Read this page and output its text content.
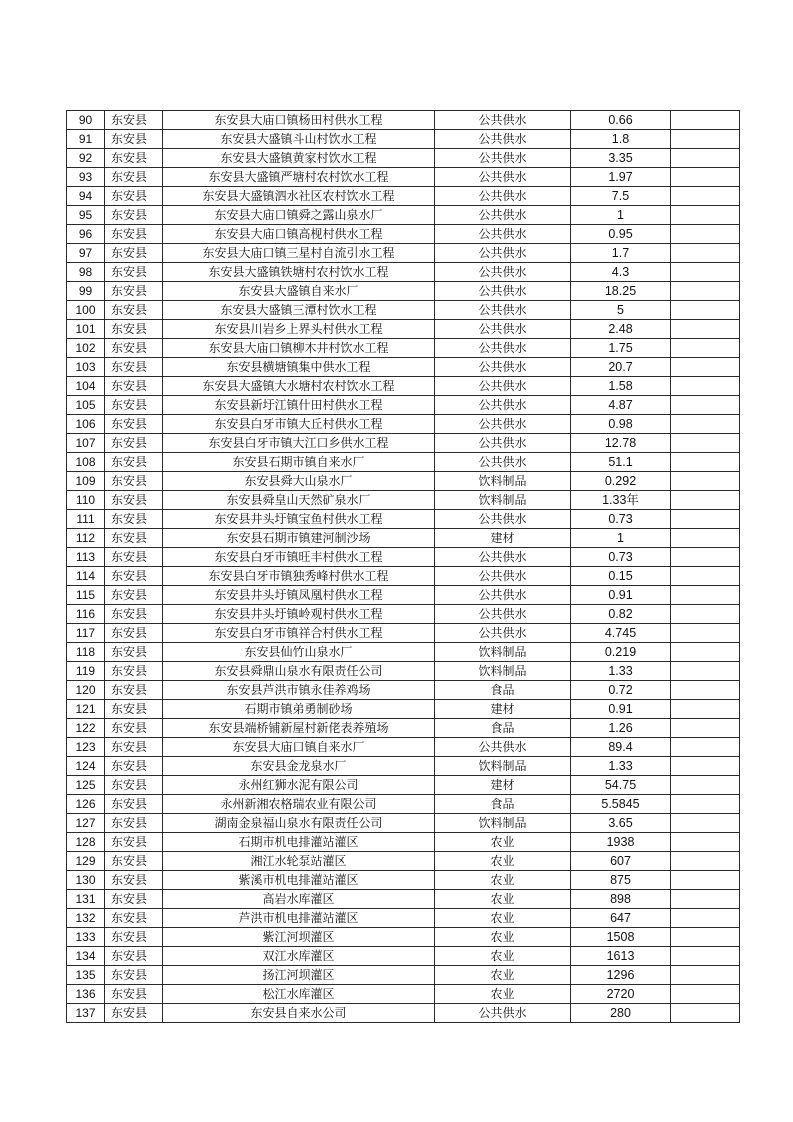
90	东安县	东安县大庙口镇杨田村供水工程	公共供水	0.66	
91	东安县	东安县大盛镇斗山村饮水工程	公共供水	1.8	
92	东安县	东安县大盛镇黄家村饮水工程	公共供水	3.35	
93	东安县	东安县大盛镇严塘村农村饮水工程	公共供水	1.97	
94	东安县	东安县大盛镇泗水社区农村饮水工程	公共供水	7.5	
95	东安县	东安县大庙口镇舜之露山泉水厂	公共供水	1	
96	东安县	东安县大庙口镇高枧村供水工程	公共供水	0.95	
97	东安县	东安县大庙口镇三星村自流引水工程	公共供水	1.7	
98	东安县	东安县大盛镇铁塘村农村饮水工程	公共供水	4.3	
99	东安县	东安县大盛镇自来水厂	公共供水	18.25	
100	东安县	东安县大盛镇三潭村饮水工程	公共供水	5	
101	东安县	东安县川岩乡上界头村供水工程	公共供水	2.48	
102	东安县	东安县大庙口镇柳木井村饮水工程	公共供水	1.75	
103	东安县	东安县横塘镇集中供水工程	公共供水	20.7	
104	东安县	东安县大盛镇大水塘村农村饮水工程	公共供水	1.58	
105	东安县	东安县新圩江镇什田村供水工程	公共供水	4.87	
106	东安县	东安县白牙市镇大丘村供水工程	公共供水	0.98	
107	东安县	东安县白牙市镇大江口乡供水工程	公共供水	12.78	
108	东安县	东安县石期市镇自来水厂	公共供水	51.1	
109	东安县	东安县舜大山泉水厂	饮料制品	0.292	
110	东安县	东安县舜皇山天然矿泉水厂	饮料制品	1.33年	
111	东安县	东安县井头圩镇宝鱼村供水工程	公共供水	0.73	
112	东安县	东安县石期市镇建河制沙场	建材	1	
113	东安县	东安县白牙市镇旺丰村供水工程	公共供水	0.73	
114	东安县	东安县白牙市镇独秀峰村供水工程	公共供水	0.15	
115	东安县	东安县井头圩镇凤凰村供水工程	公共供水	0.91	
116	东安县	东安县井头圩镇岭观村供水工程	公共供水	0.82	
117	东安县	东安县白牙市镇祥合村供水工程	公共供水	4.745	
118	东安县	东安县仙竹山泉水厂	饮料制品	0.219	
119	东安县	东安县舜鼎山泉水有限责任公司	饮料制品	1.33	
120	东安县	东安县芦洪市镇永佳养鸡场	食品	0.72	
121	东安县	石期市镇弟勇制砂场	建材	0.91	
122	东安县	东安县端桥铺新屋村新佬表养殖场	食品	1.26	
123	东安县	东安县大庙口镇自来水厂	公共供水	89.4	
124	东安县	东安县金龙泉水厂	饮料制品	1.33	
125	东安县	永州红狮水泥有限公司	建材	54.75	
126	东安县	永州新湘农格瑞农业有限公司	食品	5.5845	
127	东安县	湖南金泉福山泉水有限责任公司	饮料制品	3.65	
128	东安县	石期市机电排灌站灌区	农业	1938	
129	东安县	湘江水轮泵站灌区	农业	607	
130	东安县	紫溪市机电排灌站灌区	农业	875	
131	东安县	高岩水库灌区	农业	898	
132	东安县	芦洪市机电排灌站灌区	农业	647	
133	东安县	紫江河坝灌区	农业	1508	
134	东安县	双江水库灌区	农业	1613	
135	东安县	扬江河坝灌区	农业	1296	
136	东安县	松江水库灌区	农业	2720	
137	东安县	东安县自来水公司	公共供水	280	
